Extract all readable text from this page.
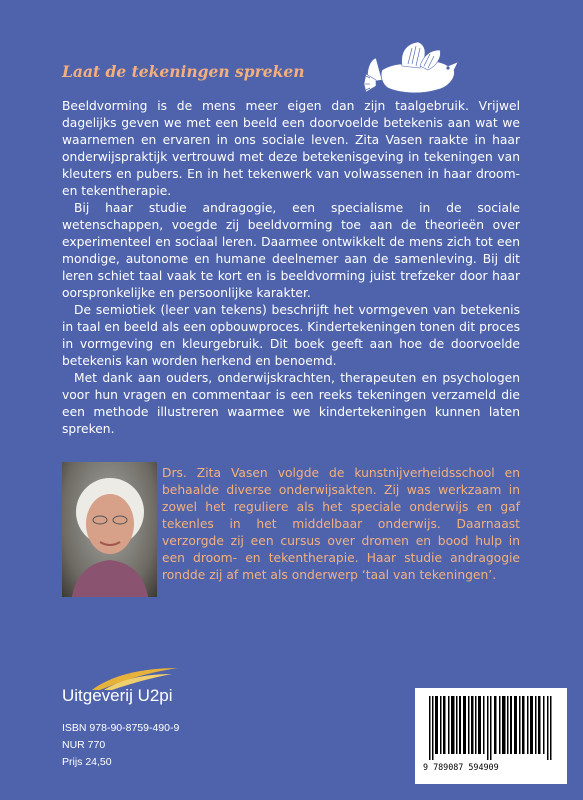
Laat de tekeningen spreken

Beeldvorming is de mens meer eigen dan zijn taalgebruik. Vrijwel dagelijks geven we met een beeld een doorvoelde betekenis aan wat we waarnemen en ervaren in ons sociale leven. Zita Vasen raakte in haar onderwijspraktijk vertrouwd met deze betekenisgeving in tekeningen van kleuters en pubers. En in het tekenwerk van volwassenen in haar droom- en tekentherapie.

Bij haar studie andragogie, een specialisme in de sociale wetenschappen, voegde zij beeldvorming toe aan de theorieën over experimenteel en sociaal leren. Daarmee ontwikkelt de mens zich tot een mondige, autonome en humane deelnemer aan de samenleving. Bij dit leren schiet taal vaak te kort en is beeldvorming juist trefzeker door haar oorspronkelijke en persoonlijke karakter.

De semiotiek (leer van tekens) beschrijft het vormgeven van betekenis in taal en beeld als een opbouwproces. Kindertekeningen tonen dit proces in vormgeving en kleurgebruik. Dit boek geeft aan hoe de doorvoelde betekenis kan worden herkend en benoemd.

Met dank aan ouders, onderwijskrachten, therapeuten en psychologen voor hun vragen en commentaar is een reeks tekeningen verzameld die een methode illustreren waarmee we kindertekeningen kunnen laten spreken.

Drs. Zita Vasen volgde de kunstnijverheidsschool en behaalde diverse onderwijsakten. Zij was werkzaam in zowel het reguliere als het speciale onderwijs en gaf tekenles in het middelbaar onderwijs. Daarnaast verzorgde zij een cursus over dromen en bood hulp in een droom- en tekentherapie. Haar studie andragogie rondde zij af met als onderwerp ‘taal van tekeningen’.

Uitgeverij U2pi
ISBN 978-90-8759-490-9
NUR 770
Prijs 24,50	9 789087 594909
